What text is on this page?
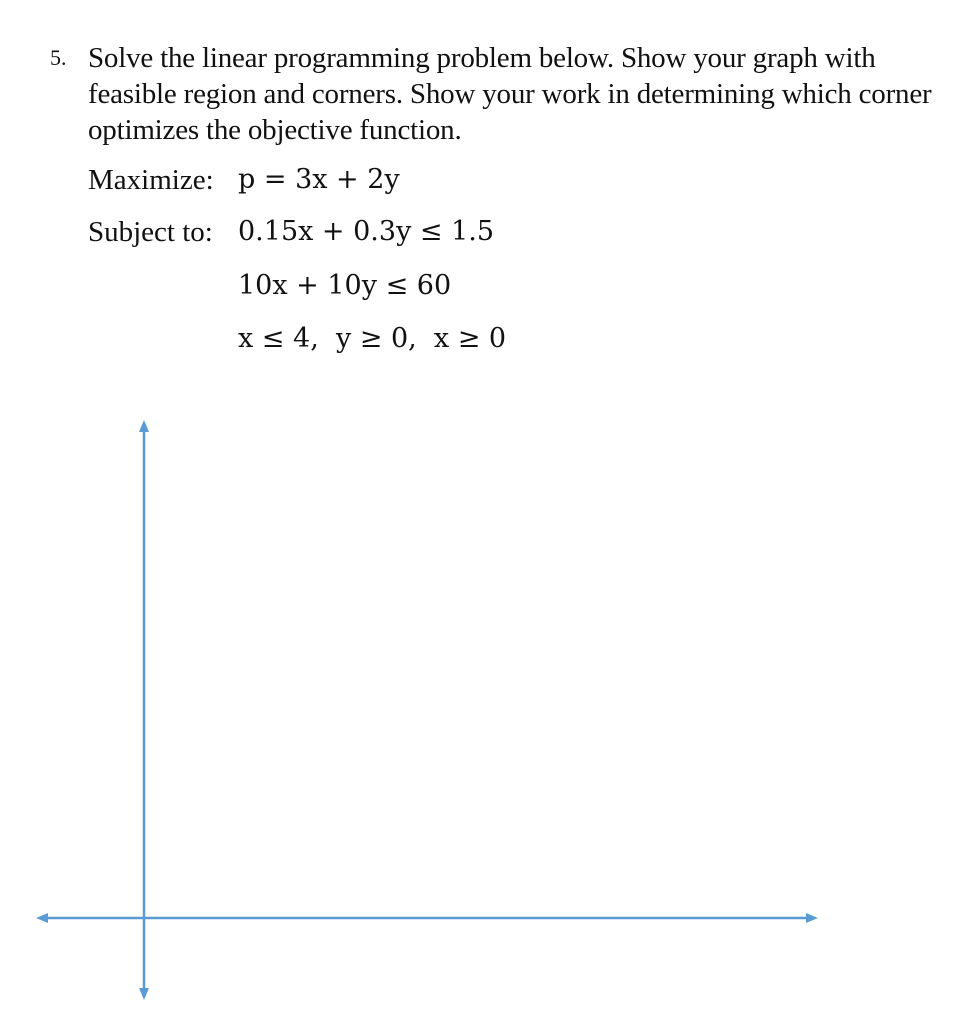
5. Solve the linear programming problem below. Show your graph with feasible region and corners. Show your work in determining which corner optimizes the objective function.
Maximize: p = 3x + 2y
Subject to: 0.15x + 0.3y ≤ 1.5
10x + 10y ≤ 60
x ≤ 4,  y ≥ 0,  x ≥ 0
